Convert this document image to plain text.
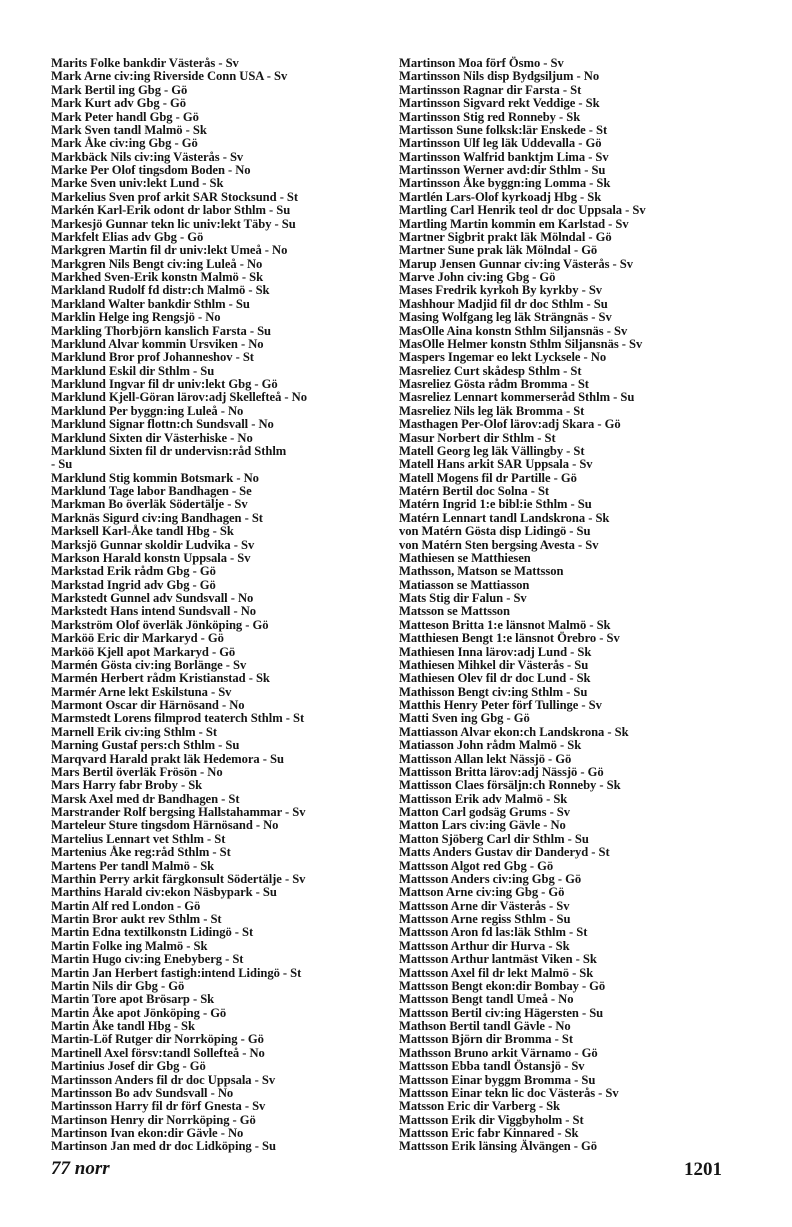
Marits Folke bankdir Västerås - Sv
Mark Arne civ:ing Riverside Conn USA - Sv
Mark Bertil ing Gbg - Gö
Mark Kurt adv Gbg - Gö
Mark Peter handl Gbg - Gö
Mark Sven tandl Malmö - Sk
Mark Åke civ:ing Gbg - Gö
Markbäck Nils civ:ing Västerås - Sv
Marke Per Olof tingsdom Boden - No
Marke Sven univ:lekt Lund - Sk
Markelius Sven prof arkit SAR Stocksund - St
Markén Karl-Erik odont dr labor Sthlm - Su
Markesjö Gunnar tekn lic univ:lekt Täby - Su
Markfelt Elias adv Gbg - Gö
Markgren Martin fil dr univ:lekt Umeå - No
Markgren Nils Bengt civ:ing Luleå - No
Markhed Sven-Erik konstn Malmö - Sk
Markland Rudolf fd distr:ch Malmö - Sk
Markland Walter bankdir Sthlm - Su
Marklin Helge ing Rengsjö - No
Markling Thorbjörn kanslich Farsta - Su
Marklund Alvar kommin Ursviken - No
Marklund Bror prof Johanneshov - St
Marklund Eskil dir Sthlm - Su
Marklund Ingvar fil dr univ:lekt Gbg - Gö
Marklund Kjell-Göran lärov:adj Skellefteå - No
Marklund Per byggn:ing Luleå - No
Marklund Signar flottn:ch Sundsvall - No
Marklund Sixten dir Västerhiske - No
Marklund Sixten fil dr undervisn:råd Sthlm
- Su
Marklund Stig kommin Botsmark - No
Marklund Tage labor Bandhagen - Se
Markman Bo överläk Södertälje - Sv
Marknäs Sigurd civ:ing Bandhagen - St
Marksell Karl-Åke tandl Hbg - Sk
Marksjö Gunnar skoldir Ludvika - Sv
Markson Harald konstn Uppsala - Sv
Markstad Erik rådm Gbg - Gö
Markstad Ingrid adv Gbg - Gö
Markstedt Gunnel adv Sundsvall - No
Markstedt Hans intend Sundsvall - No
Markström Olof överläk Jönköping - Gö
Marköö Eric dir Markaryd - Gö
Marköö Kjell apot Markaryd - Gö
Marmén Gösta civ:ing Borlänge - Sv
Marmén Herbert rådm Kristianstad - Sk
Marmér Arne lekt Eskilstuna - Sv
Marmont Oscar dir Härnösand - No
Marmstedt Lorens filmprod teaterch Sthlm - St
Marnell Erik civ:ing Sthlm - St
Marning Gustaf pers:ch Sthlm - Su
Marqvard Harald prakt läk Hedemora - Su
Mars Bertil överläk Frösön - No
Mars Harry fabr Broby - Sk
Marsk Axel med dr Bandhagen - St
Marstrander Rolf bergsing Hallstahammar - Sv
Marteleur Sture tingsdom Härnösand - No
Martelius Lennart vet Sthlm - St
Martenius Åke reg:råd Sthlm - St
Martens Per tandl Malmö - Sk
Marthin Perry arkit färgkonsult Södertälje - Sv
Marthins Harald civ:ekon Näsbypark - Su
Martin Alf red London - Gö
Martin Bror aukt rev Sthlm - St
Martin Edna textilkonstn Lidingö - St
Martin Folke ing Malmö - Sk
Martin Hugo civ:ing Enebyberg - St
Martin Jan Herbert fastigh:intend Lidingö - St
Martin Nils dir Gbg - Gö
Martin Tore apot Brösarp - Sk
Martin Åke apot Jönköping - Gö
Martin Åke tandl Hbg - Sk
Martin-Löf Rutger dir Norrköping - Gö
Martinell Axel försv:tandl Sollefteå - No
Martinius Josef dir Gbg - Gö
Martinsson Anders fil dr doc Uppsala - Sv
Martinsson Bo adv Sundsvall - No
Martinsson Harry fil dr förf Gnesta - Sv
Martinson Henry dir Norrköping - Gö
Martinson Ivan ekon:dir Gävle - No
Martinson Jan med dr doc Lidköping - Su
Martinson Moa förf Ösmo - Sv
Martinsson Nils disp Bydgsiljum - No
Martinsson Ragnar dir Farsta - St
Martinsson Sigvard rekt Veddige - Sk
Martinsson Stig red Ronneby - Sk
Martisson Sune folksk:lär Enskede - St
Martinsson Ulf leg läk Uddevalla - Gö
Martinsson Walfrid banktjm Lima - Sv
Martinsson Werner avd:dir Sthlm - Su
Martinsson Åke byggn:ing Lomma - Sk
Martlén Lars-Olof kyrkoadj Hbg - Sk
Martling Carl Henrik teol dr doc Uppsala - Sv
Martling Martin kommin em Karlstad - Sv
Martner Sigbrit prakt läk Mölndal - Gö
Martner Sune prak läk Mölndal - Gö
Marup Jensen Gunnar civ:ing Västerås - Sv
Marve John civ:ing Gbg - Gö
Mases Fredrik kyrkoh By kyrkby - Sv
Mashhour Madjid fil dr doc Sthlm - Su
Masing Wolfgang leg läk Strängnäs - Sv
MasOlle Aina konstn Sthlm Siljansnäs - Sv
MasOlle Helmer konstn Sthlm Siljansnäs - Sv
Maspers Ingemar eo lekt Lycksele - No
Masreliez Curt skådesp Sthlm - St
Masreliez Gösta rådm Bromma - St
Masreliez Lennart kommerseråd Sthlm - Su
Masreliez Nils leg läk Bromma - St
Masthagen Per-Olof lärov:adj Skara - Gö
Masur Norbert dir Sthlm - St
Matell Georg leg läk Vällingby - St
Matell Hans arkit SAR Uppsala - Sv
Matell Mogens fil dr Partille - Gö
Matérn Bertil doc Solna - St
Matérn Ingrid 1:e bibl:ie Sthlm - Su
Matérn Lennart tandl Landskrona - Sk
von Matérn Gösta disp Lidingö - Su
von Matérn Sten bergsing Avesta - Sv
Mathiesen se Matthiesen
Mathsson, Matson se Mattsson
Matiasson se Mattiasson
Mats Stig dir Falun - Sv
Matsson se Mattsson
Matteson Britta 1:e länsnot Malmö - Sk
Matthiesen Bengt 1:e länsnot Örebro - Sv
Mathiesen Inna lärov:adj Lund - Sk
Mathiesen Mihkel dir Västerås - Su
Mathiesen Olev fil dr doc Lund - Sk
Mathisson Bengt civ:ing Sthlm - Su
Matthis Henry Peter förf Tullinge - Sv
Matti Sven ing Gbg - Gö
Mattiasson Alvar ekon:ch Landskrona - Sk
Matiasson John rådm Malmö - Sk
Mattisson Allan lekt Nässjö - Gö
Mattisson Britta lärov:adj Nässjö - Gö
Mattisson Claes försäljn:ch Ronneby - Sk
Mattisson Erik adv Malmö - Sk
Matton Carl godsäg Grums - Sv
Matton Lars civ:ing Gävle - No
Matton Sjöberg Carl dir Sthlm - Su
Matts Anders Gustav dir Danderyd - St
Mattsson Algot red Gbg - Gö
Mattsson Anders civ:ing Gbg - Gö
Mattson Arne civ:ing Gbg - Gö
Mattsson Arne dir Västerås - Sv
Mattsson Arne regiss Sthlm - Su
Mattsson Aron fd las:läk Sthlm - St
Mattsson Arthur dir Hurva - Sk
Mattsson Arthur lantmäst Viken - Sk
Mattsson Axel fil dr lekt Malmö - Sk
Mattsson Bengt ekon:dir Bombay - Gö
Mattsson Bengt tandl Umeå - No
Mattsson Bertil civ:ing Hägersten - Su
Mathson Bertil tandl Gävle - No
Mattsson Björn dir Bromma - St
Mathsson Bruno arkit Värnamo - Gö
Mattsson Ebba tandl Östansjö - Sv
Mattsson Einar byggm Bromma - Su
Mattsson Einar tekn lic doc Västerås - Sv
Matsson Eric dir Varberg - Sk
Mattsson Erik dir Viggbyholm - St
Mattsson Eric fabr Kinnared - Sk
Mattsson Erik länsing Älvängen - Gö
77 norr	1201
